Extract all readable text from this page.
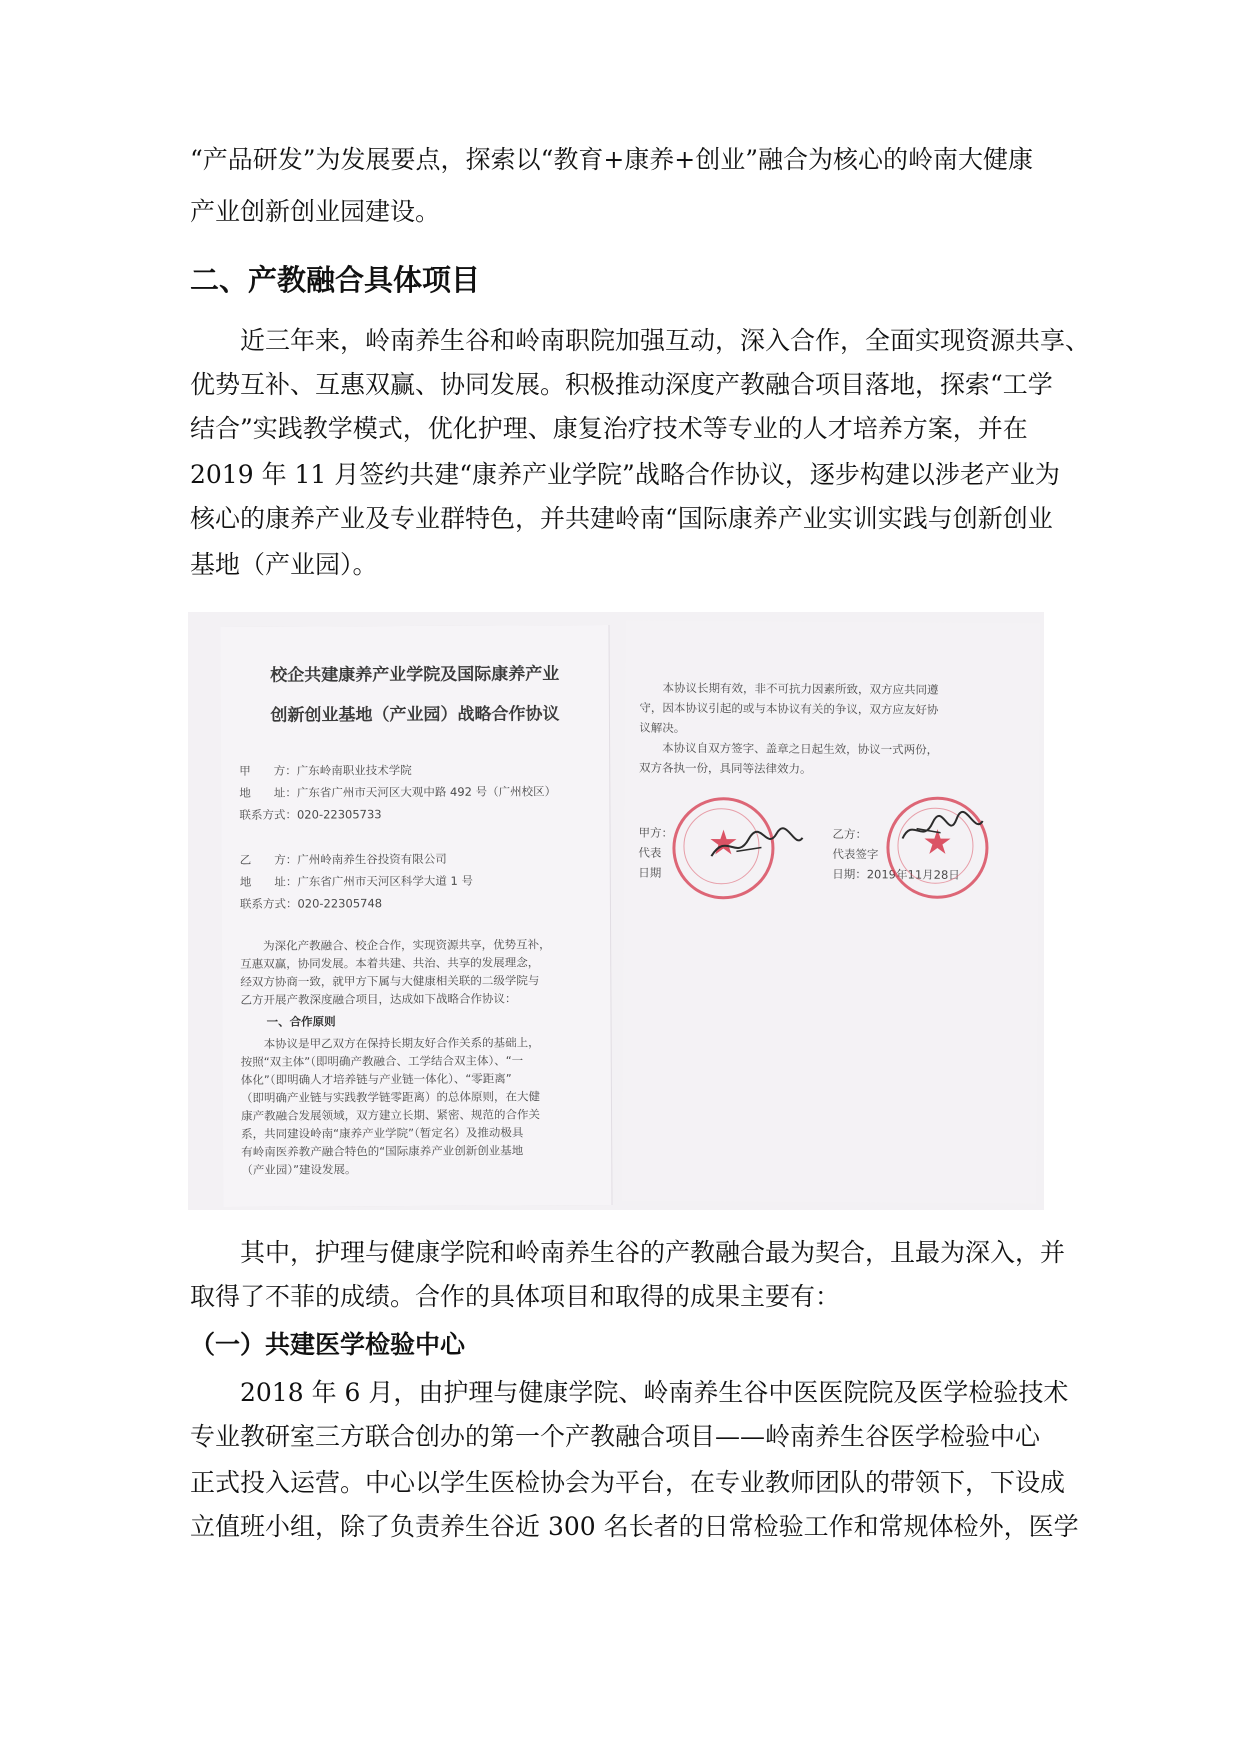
“产品研发”为发展要点，探索以“教育+康养+创业”融合为核心的岭南大健康
产业创新创业园建设。
二、产教融合具体项目
近三年来，岭南养生谷和岭南职院加强互动，深入合作，全面实现资源共享、
优势互补、互惠双赢、协同发展。积极推动深度产教融合项目落地，探索“工学
结合”实践教学模式，优化护理、康复治疗技术等专业的人才培养方案，并在
2019 年 11 月签约共建“康养产业学院”战略合作协议，逐步构建以涉老产业为
核心的康养产业及专业群特色，并共建岭南“国际康养产业实训实践与创新创业
基地（产业园）。
校企共建康养产业学院及国际康养产业
创新创业基地（产业园）战略合作协议
甲　　方：广东岭南职业技术学院
地　　址：广东省广州市天河区大观中路 492 号（广州校区）
联系方式：020-22305733
乙　　方：广州岭南养生谷投资有限公司
地　　址：广东省广州市天河区科学大道 1 号
联系方式：020-22305748
　　为深化产教融合、校企合作，实现资源共享，优势互补，
互惠双赢，协同发展。本着共建、共治、共享的发展理念，
经双方协商一致，就甲方下属与大健康相关联的二级学院与
乙方开展产教深度融合项目，达成如下战略合作协议：
一、合作原则
　　本协议是甲乙双方在保持长期友好合作关系的基础上，
按照“双主体”（即明确产教融合、工学结合双主体）、“一
体化”（即明确人才培养链与产业链一体化）、“零距离”
（即明确产业链与实践教学链零距离）的总体原则，在大健
康产教融合发展领域，双方建立长期、紧密、规范的合作关
系，共同建设岭南“康养产业学院”（暂定名）及推动极具
有岭南医养教产融合特色的“国际康养产业创新创业基地
（产业园）”建设发展。
　　本协议长期有效，非不可抗力因素所致，双方应共同遵
守，因本协议引起的或与本协议有关的争议，双方应友好协
议解决。
　　本协议自双方签字、盖章之日起生效，协议一式两份，
双方各执一份，具同等法律效力。
甲方：
代表
日期
乙方：
代表签字
日期：2019年11月28日
★	★
其中，护理与健康学院和岭南养生谷的产教融合最为契合，且最为深入，并
取得了不菲的成绩。合作的具体项目和取得的成果主要有：
（一）共建医学检验中心
2018 年 6 月，由护理与健康学院、岭南养生谷中医医院院及医学检验技术
专业教研室三方联合创办的第一个产教融合项目——岭南养生谷医学检验中心
正式投入运营。中心以学生医检协会为平台，在专业教师团队的带领下，下设成
立值班小组，除了负责养生谷近 300 名长者的日常检验工作和常规体检外，医学
